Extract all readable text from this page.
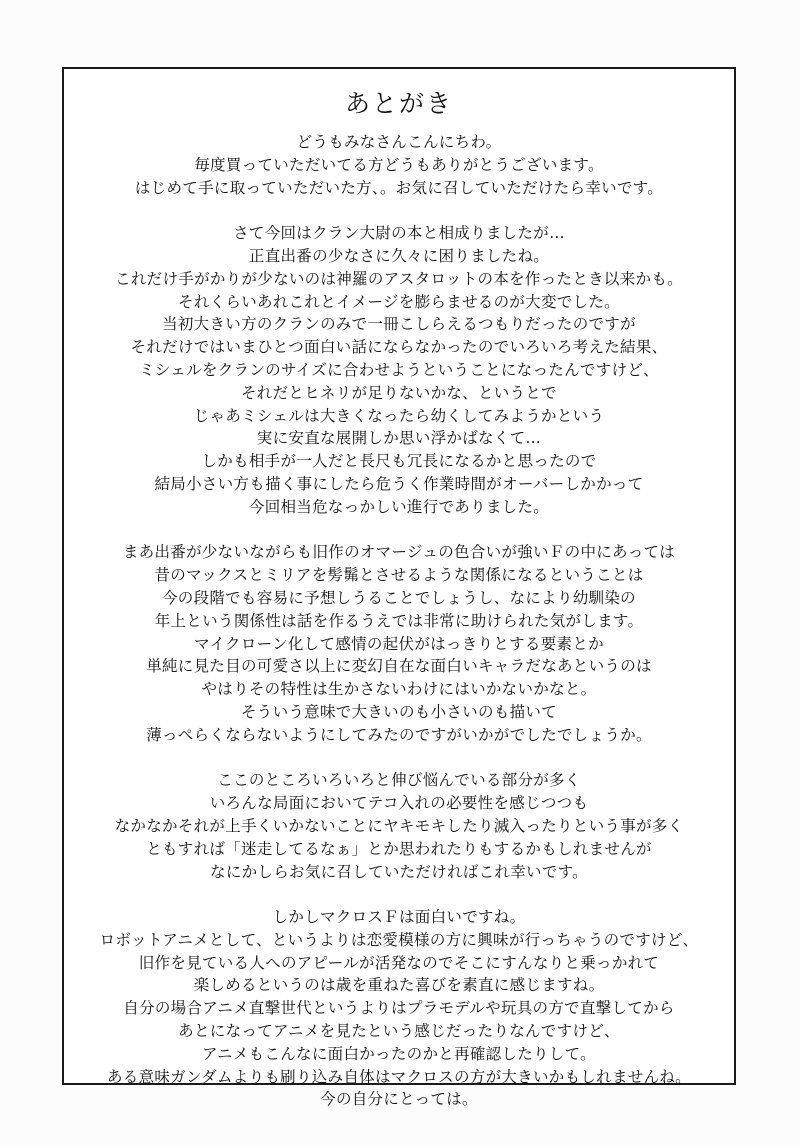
あとがき
どうもみなさんこんにちわ。
毎度買っていただいてる方どうもありがとうございます。
はじめて手に取っていただいた方、。お気に召していただけたら幸いです。
さて今回はクラン大尉の本と相成りましたが…
正直出番の少なさに久々に困りましたね。
これだけ手がかりが少ないのは神羅のアスタロットの本を作ったとき以来かも。
それくらいあれこれとイメージを膨らませるのが大変でした。
当初大きい方のクランのみで一冊こしらえるつもりだったのですが
それだけではいまひとつ面白い話にならなかったのでいろいろ考えた結果、
ミシェルをクランのサイズに合わせようということになったんですけど、
それだとヒネリが足りないかな、というとで
じゃあミシェルは大きくなったら幼くしてみようかという
実に安直な展開しか思い浮かばなくて…
しかも相手が一人だと長尺も冗長になるかと思ったので
結局小さい方も描く事にしたら危うく作業時間がオーバーしかかって
今回相当危なっかしい進行でありました。
まあ出番が少ないながらも旧作のオマージュの色合いが強いＦの中にあっては
昔のマックスとミリアを髣髴とさせるような関係になるということは
今の段階でも容易に予想しうることでしょうし、なにより幼馴染の
年上という関係性は話を作るうえでは非常に助けられた気がします。
マイクローン化して感情の起伏がはっきりとする要素とか
単純に見た目の可愛さ以上に変幻自在な面白いキャラだなあというのは
やはりその特性は生かさないわけにはいかないかなと。
そういう意味で大きいのも小さいのも描いて
薄っぺらくならないようにしてみたのですがいかがでしたでしょうか。
ここのところいろいろと伸び悩んでいる部分が多く
いろんな局面においてテコ入れの必要性を感じつつも
なかなかそれが上手くいかないことにヤキモキしたり滅入ったりという事が多く
ともすれば「迷走してるなぁ」とか思われたりもするかもしれませんが
なにかしらお気に召していただければこれ幸いです。
しかしマクロスＦは面白いですね。
ロボットアニメとして、というよりは恋愛模様の方に興味が行っちゃうのですけど、
旧作を見ている人へのアピールが活発なのでそこにすんなりと乗っかれて
楽しめるというのは歳を重ねた喜びを素直に感じますね。
自分の場合アニメ直撃世代というよりはプラモデルや玩具の方で直撃してから
あとになってアニメを見たという感じだったりなんですけど、
アニメもこんなに面白かったのかと再確認したりして。
ある意味ガンダムよりも刷り込み自体はマクロスの方が大きいかもしれませんね。
今の自分にとっては。
